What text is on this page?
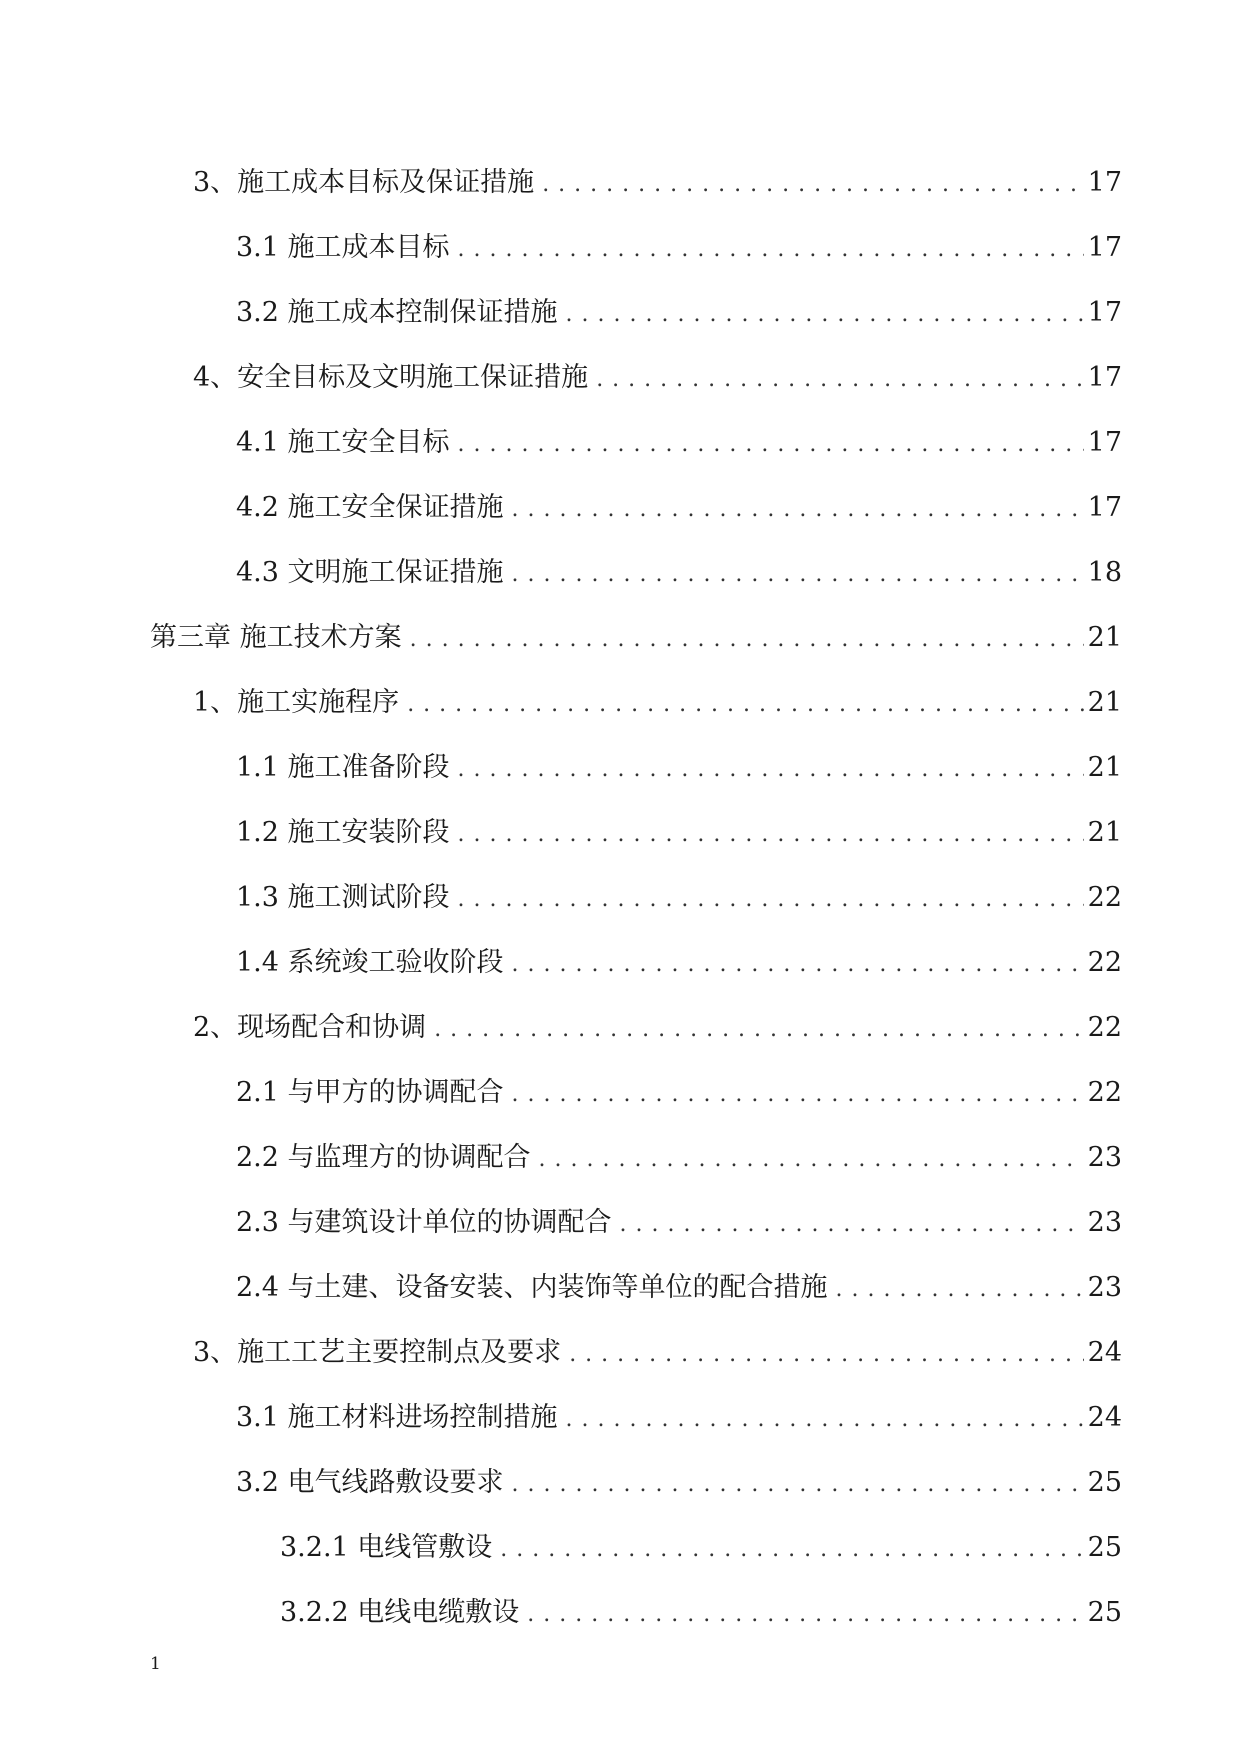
3、施工成本目标及保证措施 .....	17
3.1 施工成本目标 .....	17
3.2 施工成本控制保证措施 .....	17
4、安全目标及文明施工保证措施 .....	17
4.1 施工安全目标 .....	17
4.2 施工安全保证措施 .....	17
4.3 文明施工保证措施 .....	18
第三章 施工技术方案 .....	21
1、施工实施程序 .....	21
1.1 施工准备阶段 .....	21
1.2 施工安装阶段 .....	21
1.3 施工测试阶段 .....	22
1.4 系统竣工验收阶段 .....	22
2、现场配合和协调 .....	22
2.1 与甲方的协调配合 .....	22
2.2 与监理方的协调配合 .....	23
2.3 与建筑设计单位的协调配合 .....	23
2.4 与土建、设备安装、内装饰等单位的配合措施 .....	23
3、施工工艺主要控制点及要求 .....	24
3.1 施工材料进场控制措施 .....	24
3.2 电气线路敷设要求 .....	25
3.2.1 电线管敷设 .....	25
3.2.2 电线电缆敷设 .....	25
1
